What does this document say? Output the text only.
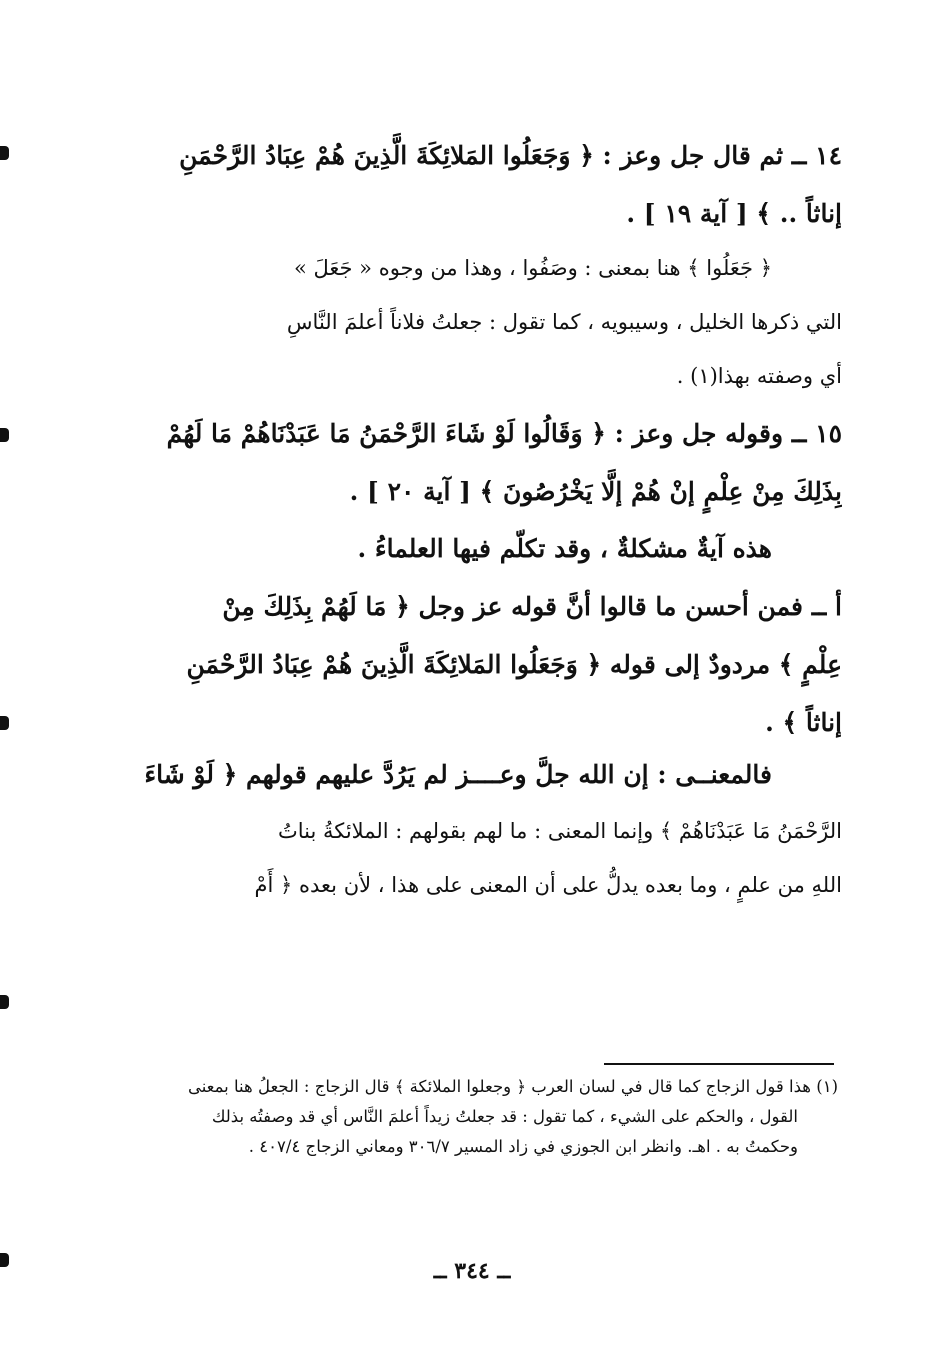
١٤ ــ ثم قال جل وعز : ﴿ وَجَعَلُوا المَلائِكَةَ الَّذِينَ هُمْ عِبَادُ الرَّحْمَنِ
إناثاً .. ﴾ [ آية ١٩ ] .
﴿ جَعَلُوا ﴾ هنا بمعنى : وصَفُوا ، وهذا من وجوه « جَعَلَ »
التي ذكرها الخليل ، وسيبويه ، كما تقول : جعلتُ فلاناً أعلمَ النَّاسِ
أي وصفته بهذا(١) .
١٥ ــ وقوله جل وعز : ﴿ وَقَالُوا لَوْ شَاءَ الرَّحْمَنُ مَا عَبَدْنَاهُمْ مَا لَهُمْ
بِذَلِكَ مِنْ عِلْمٍ إنْ هُمْ إلَّا يَخْرُصُونَ ﴾ [ آية ٢٠ ] .
هذه آيةٌ مشكلةٌ ، وقد تكلّم فيها العلماءُ .
أ ــ فمن أحسن ما قالوا أنَّ قوله عز وجل ﴿ مَا لَهُمْ بِذَلِكَ مِنْ
عِلْمٍ ﴾ مردودٌ إلى قوله ﴿ وَجَعَلُوا المَلائِكَةَ الَّذِينَ هُمْ عِبَادُ الرَّحْمَنِ
إناثاً ﴾ .
فالمعنــى : إن الله جلَّ وعــــز لم يَرُدَّ عليهم قولهم ﴿ لَوْ شَاءَ
الرَّحْمَنُ مَا عَبَدْنَاهُمْ ﴾ وإنما المعنى : ما لهم بقولهم : الملائكةُ بناتُ
اللهِ من علمٍ ، وما بعده يدلُّ على أن المعنى على هذا ، لأن بعده ﴿ أَمْ
(١) هذا قول الزجاج كما قال في لسان العرب ﴿ وجعلوا الملائكة ﴾ قال الزجاج : الجعلُ هنا بمعنى
القول ، والحكم على الشيء ، كما تقول : قد جعلتُ زيداً أعلمَ النَّاس أي قد وصفتُه بذلك
وحكمتُ به . اهـ. وانظر ابن الجوزي في زاد المسير ٣٠٦/٧ ومعاني الزجاج ٤٠٧/٤ .
ــ ٣٤٤ ــ
